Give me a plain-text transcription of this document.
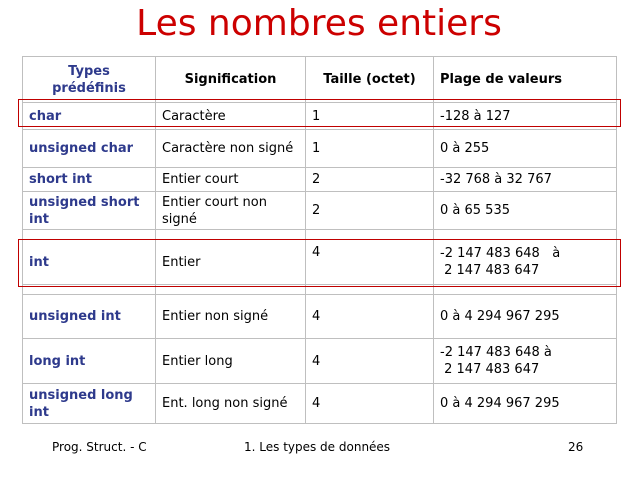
Les nombres entiers
Types
prédéfinis	Signification	Taille (octet)	Plage de valeurs
char	Caractère	1	-128 à 127
unsigned char	Caractère non signé	1	0 à 255
short int	Entier court	2	-32 768 à 32 767
unsigned short int	Entier court non signé	2	0 à 65 535

int	Entier	4	-2 147 483 648   à
2 147 483 647

unsigned int	Entier non signé	4	0 à 4 294 967 295
long int	Entier long	4	-2 147 483 648 à
2 147 483 647
unsigned long int	Ent. long non signé	4	0 à 4 294 967 295
Prog. Struct. - C	1. Les types de données	26
